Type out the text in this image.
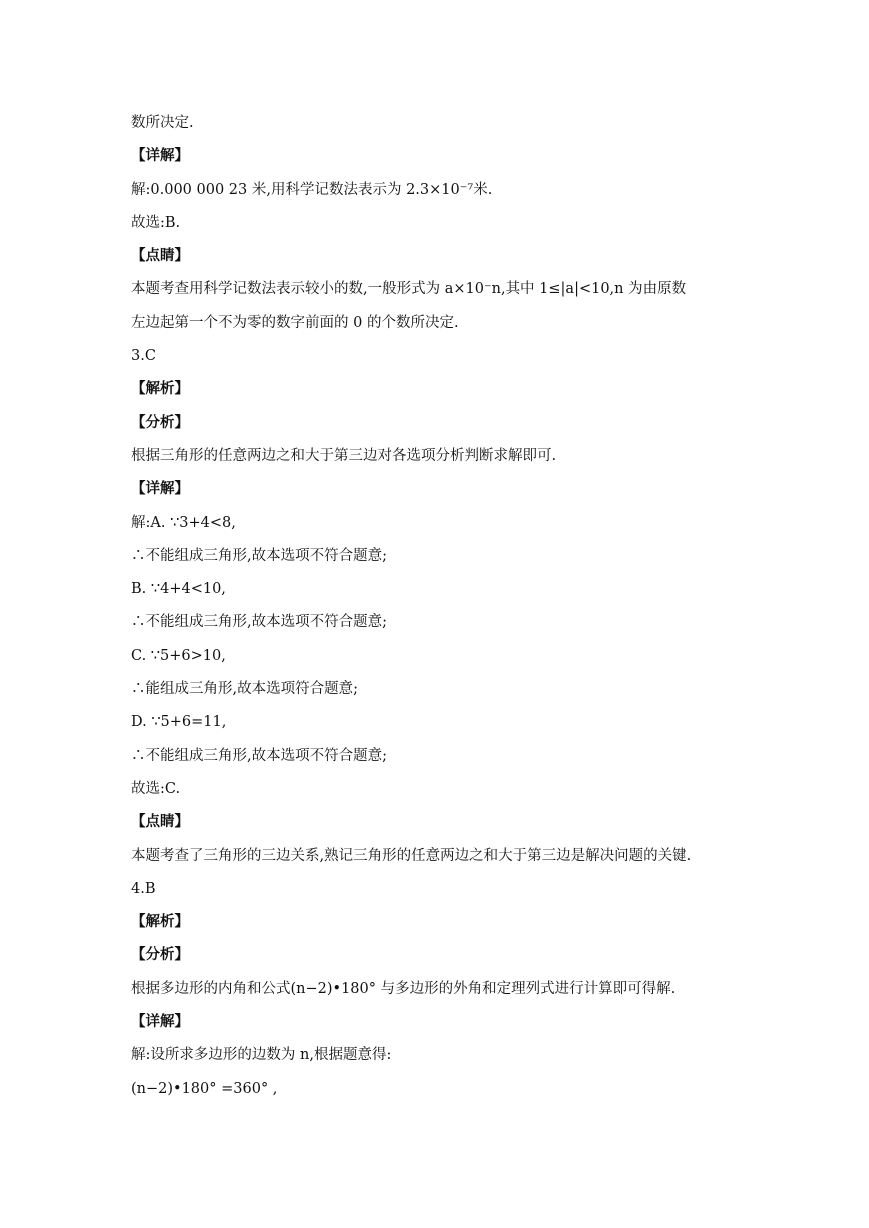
数所决定.
【详解】
解:0.000 000 23 米,用科学记数法表示为 2.3×10⁻⁷米.
故选:B.
【点睛】
本题考查用科学记数法表示较小的数,一般形式为 a×10⁻n,其中 1≤|a|<10,n 为由原数
左边起第一个不为零的数字前面的 0 的个数所决定.
3.C
【解析】
【分析】
根据三角形的任意两边之和大于第三边对各选项分析判断求解即可.
【详解】
解:A. ∵3+4<8,
∴不能组成三角形,故本选项不符合题意;
B. ∵4+4<10,
∴不能组成三角形,故本选项不符合题意;
C. ∵5+6>10,
∴能组成三角形,故本选项符合题意;
D. ∵5+6=11,
∴不能组成三角形,故本选项不符合题意;
故选:C.
【点睛】
本题考查了三角形的三边关系,熟记三角形的任意两边之和大于第三边是解决问题的关键.
4.B
【解析】
【分析】
根据多边形的内角和公式(n−2)•180° 与多边形的外角和定理列式进行计算即可得解.
【详解】
解:设所求多边形的边数为 n,根据题意得:
(n−2)•180° =360° ,
